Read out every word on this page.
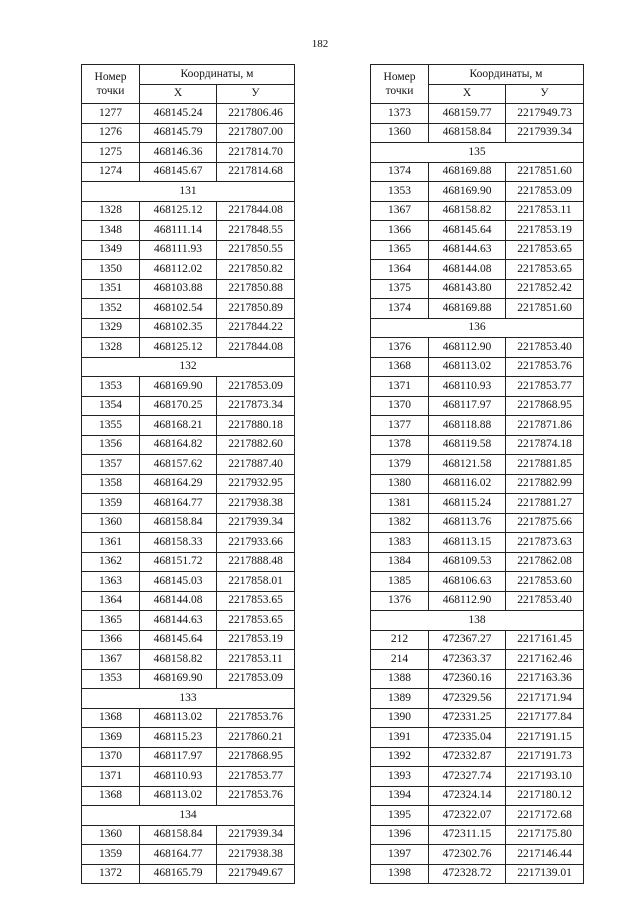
182
Номер
точки	Координаты, м	
	X	У
1277	468145.24	2217806.46
1276	468145.79	2217807.00
1275	468146.36	2217814.70
1274	468145.67	2217814.68
131		
1328	468125.12	2217844.08
1348	468111.14	2217848.55
1349	468111.93	2217850.55
1350	468112.02	2217850.82
1351	468103.88	2217850.88
1352	468102.54	2217850.89
1329	468102.35	2217844.22
1328	468125.12	2217844.08
132		
1353	468169.90	2217853.09
1354	468170.25	2217873.34
1355	468168.21	2217880.18
1356	468164.82	2217882.60
1357	468157.62	2217887.40
1358	468164.29	2217932.95
1359	468164.77	2217938.38
1360	468158.84	2217939.34
1361	468158.33	2217933.66
1362	468151.72	2217888.48
1363	468145.03	2217858.01
1364	468144.08	2217853.65
1365	468144.63	2217853.65
1366	468145.64	2217853.19
1367	468158.82	2217853.11
1353	468169.90	2217853.09
133		
1368	468113.02	2217853.76
1369	468115.23	2217860.21
1370	468117.97	2217868.95
1371	468110.93	2217853.77
1368	468113.02	2217853.76
134		
1360	468158.84	2217939.34
1359	468164.77	2217938.38
1372	468165.79	2217949.67
Номер
точки	Координаты, м	
	X	У
1373	468159.77	2217949.73
1360	468158.84	2217939.34
135		
1374	468169.88	2217851.60
1353	468169.90	2217853.09
1367	468158.82	2217853.11
1366	468145.64	2217853.19
1365	468144.63	2217853.65
1364	468144.08	2217853.65
1375	468143.80	2217852.42
1374	468169.88	2217851.60
136		
1376	468112.90	2217853.40
1368	468113.02	2217853.76
1371	468110.93	2217853.77
1370	468117.97	2217868.95
1377	468118.88	2217871.86
1378	468119.58	2217874.18
1379	468121.58	2217881.85
1380	468116.02	2217882.99
1381	468115.24	2217881.27
1382	468113.76	2217875.66
1383	468113.15	2217873.63
1384	468109.53	2217862.08
1385	468106.63	2217853.60
1376	468112.90	2217853.40
138		
212	472367.27	2217161.45
214	472363.37	2217162.46
1388	472360.16	2217163.36
1389	472329.56	2217171.94
1390	472331.25	2217177.84
1391	472335.04	2217191.15
1392	472332.87	2217191.73
1393	472327.74	2217193.10
1394	472324.14	2217180.12
1395	472322.07	2217172.68
1396	472311.15	2217175.80
1397	472302.76	2217146.44
1398	472328.72	2217139.01
